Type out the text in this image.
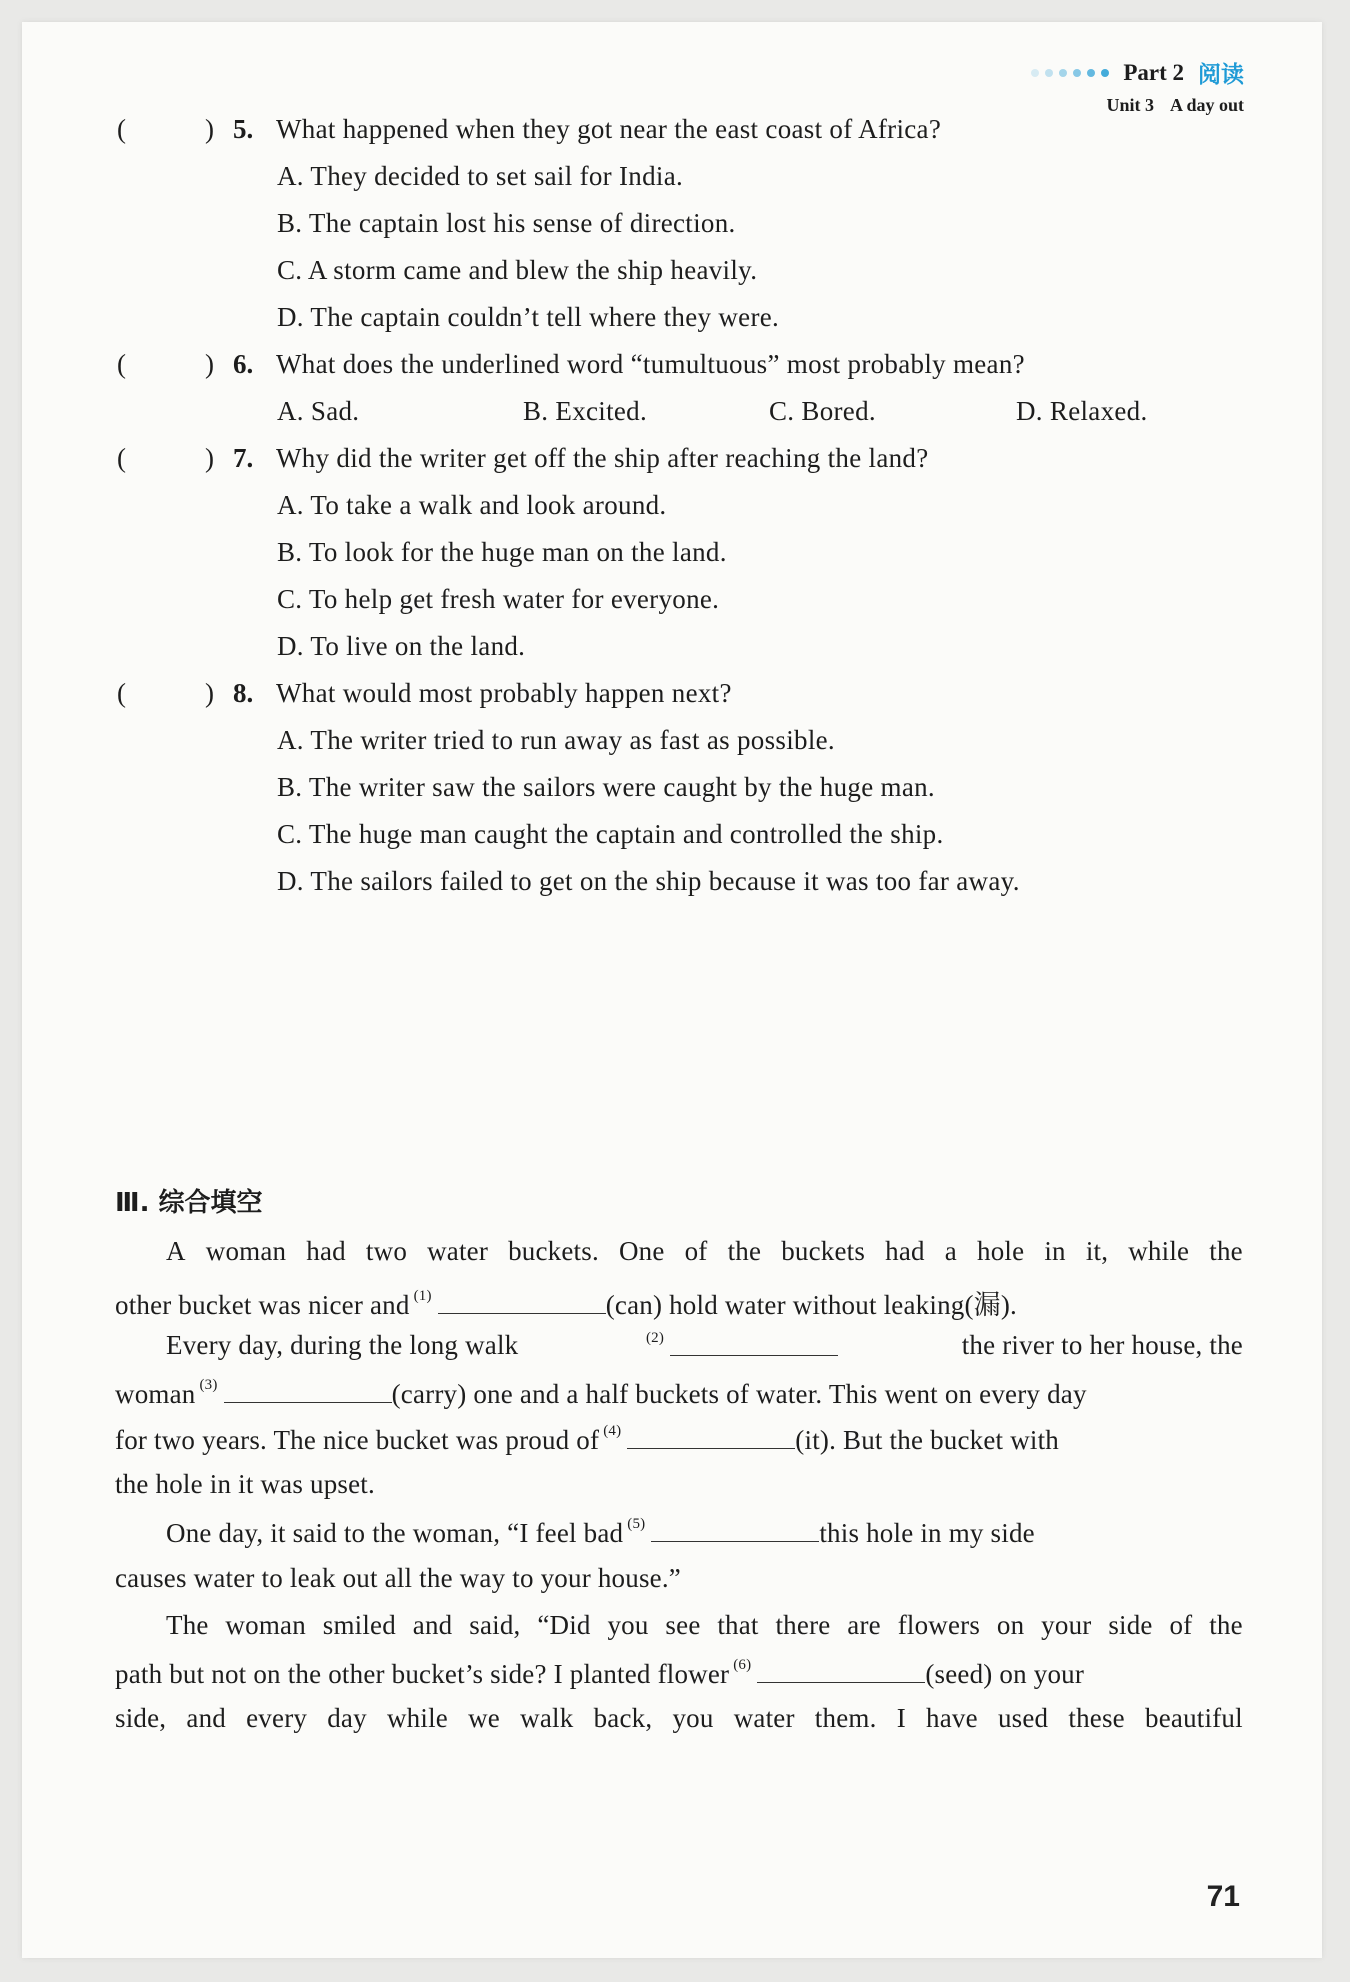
Part 2 阅读
Unit 3 A day out
(	) 5. What happened when they got near the east coast of Africa?
A. They decided to set sail for India.
B. The captain lost his sense of direction.
C. A storm came and blew the ship heavily.
D. The captain couldn’t tell where they were.
(	) 6. What does the underlined word “tumultuous” most probably mean?
A. Sad.	B. Excited.	C. Bored.	D. Relaxed.
(	) 7. Why did the writer get off the ship after reaching the land?
A. To take a walk and look around.
B. To look for the huge man on the land.
C. To help get fresh water for everyone.
D. To live on the land.
(	) 8. What would most probably happen next?
A. The writer tried to run away as fast as possible.
B. The writer saw the sailors were caught by the huge man.
C. The huge man caught the captain and controlled the ship.
D. The sailors failed to get on the ship because it was too far away.
Ⅲ. 综合填空
A woman had two water buckets. One of the buckets had a hole in it, while the
other bucket was nicer and $^{(1)}$	(can) hold water without leaking(漏).
Every day, during the long walk	$^{(2)}$	the river to her house, the
woman $^{(3)}$	(carry) one and a half buckets of water. This went on every day
for two years. The nice bucket was proud of $^{(4)}$	(it). But the bucket with
the hole in it was upset.
One day, it said to the woman, “I feel bad $^{(5)}$	this hole in my side
causes water to leak out all the way to your house.”
The woman smiled and said, “Did you see that there are flowers on your side of the
path but not on the other bucket’s side? I planted flower $^{(6)}$	(seed) on your
side, and every day while we walk back, you water them. I have used these beautiful
71
